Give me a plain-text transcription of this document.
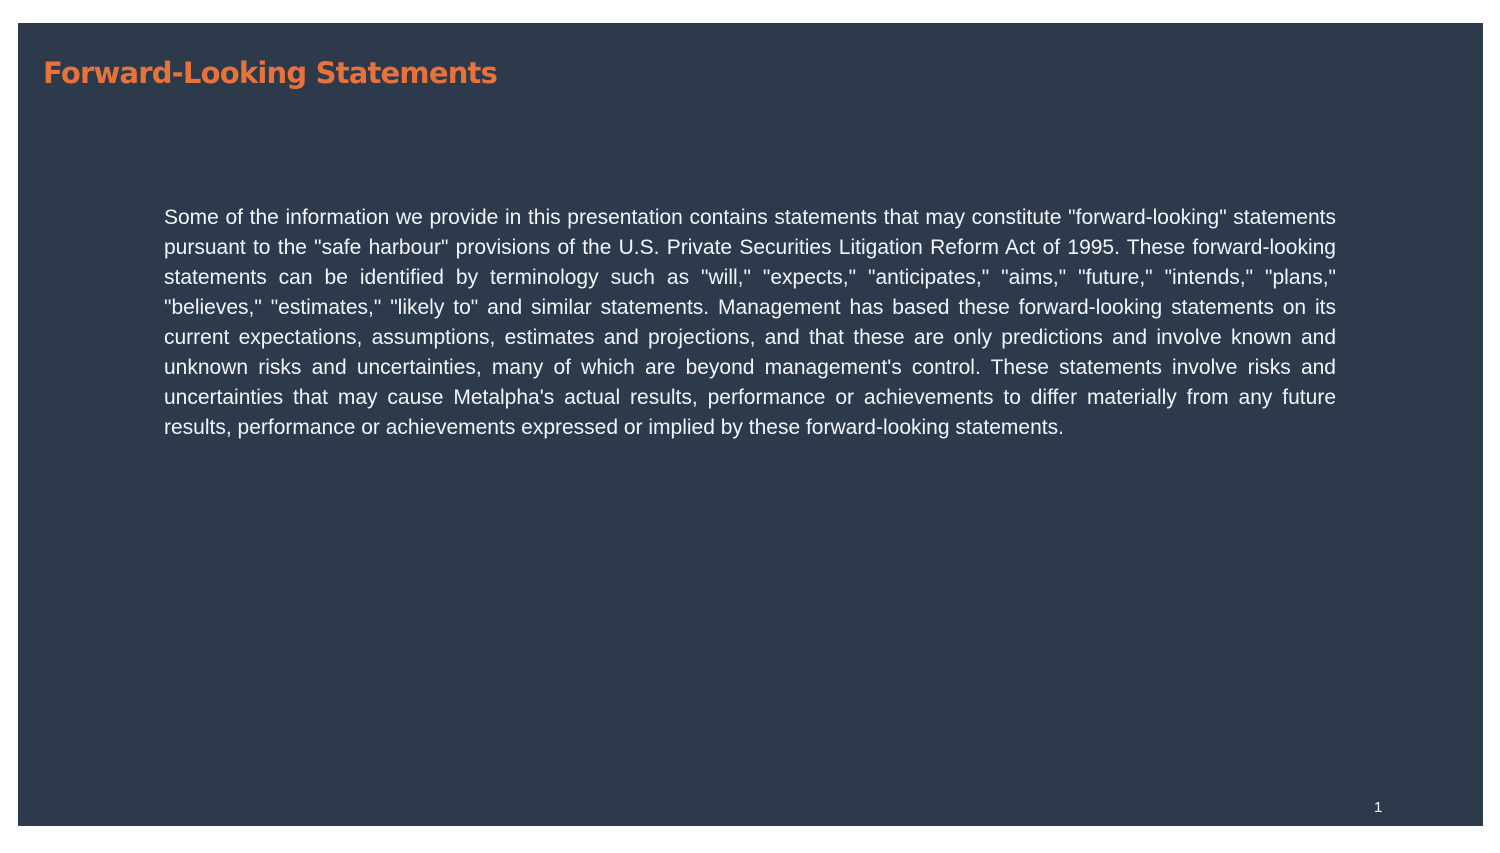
Forward-Looking Statements

Some of the information we provide in this presentation contains statements that may constitute "forward-looking" statements pursuant to the "safe harbour" provisions of the U.S. Private Securities Litigation Reform Act of 1995. These forward-looking statements can be identified by terminology such as "will," "expects," "anticipates," "aims," "future," "intends," "plans," "believes," "estimates," "likely to" and similar statements. Management has based these forward-looking statements on its current expectations, assumptions, estimates and projections, and that these are only predictions and involve known and unknown risks and uncertainties, many of which are beyond management's control. These statements involve risks and uncertainties that may cause Metalpha's actual results, performance or achievements to differ materially from any future results, performance or achievements expressed or implied by these forward-looking statements.

1
